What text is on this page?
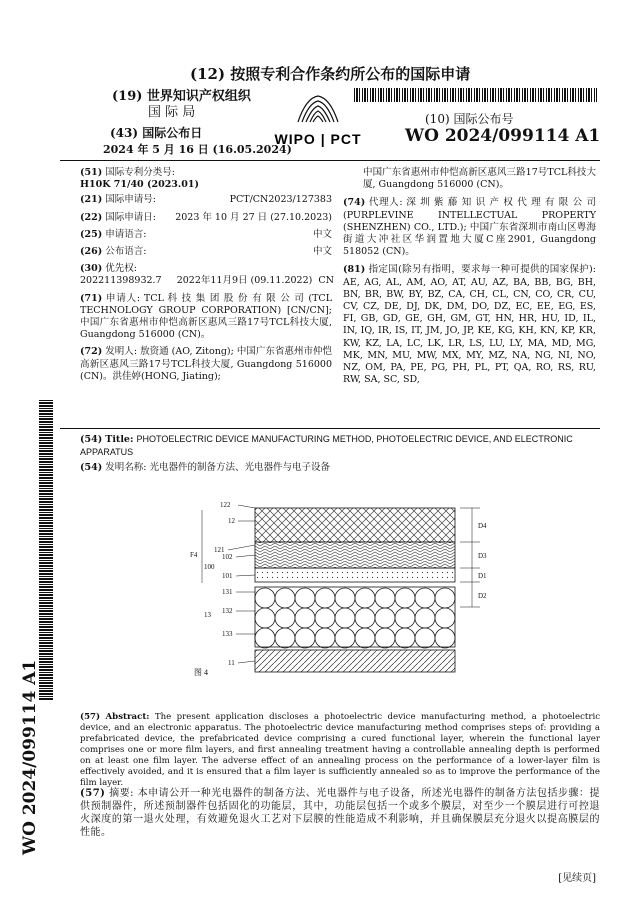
(12) 按照专利合作条约所公布的国际申请
(19) 世界知识产权组织
国 际 局
(43) 国际公布日
2024 年 5 月 16 日 (16.05.2024)
WIPO | PCT
(10) 国际公布号
WO 2024/099114 A1
(51) 国际专利分类号:
H10K 71/40 (2023.01)
(21) 国际申请号:	PCT/CN2023/127383
(22) 国际申请日: 2023 年 10 月 27 日 (27.10.2023)
(25) 申请语言:	中文
(26) 公布语言:	中文
(30) 优先权:
202211398932.7     2022年11月9日 (09.11.2022)  CN
(71) 申请人: TCL 科 技 集 团 股 份 有 限 公 司 (TCL TECHNOLOGY GROUP CORPORATION) [CN/CN]; 中国广东省惠州市仲恺高新区惠风三路17号TCL科技大厦, Guangdong 516000 (CN)。
(72) 发明人: 敖资通 (AO, Zitong); 中国广东省惠州市仲恺高新区惠风三路17号TCL科技大厦, Guangdong 516000 (CN)。洪佳婷(HONG, Jiating);
中国广东省惠州市仲恺高新区惠风三路17号TCL科技大厦, Guangdong 516000 (CN)。
(74) 代理人: 深 圳 紫 藤 知 识 产 权 代 理 有 限 公 司 (PURPLEVINE INTELLECTUAL PROPERTY (SHENZHEN) CO., LTD.); 中国广东省深圳市南山区粤海街道大冲社区华润置地大厦C座2901, Guangdong 518052 (CN)。
(81) 指定国(除另有指明，要求每一种可提供的国家保护): AE, AG, AL, AM, AO, AT, AU, AZ, BA, BB, BG, BH, BN, BR, BW, BY, BZ, CA, CH, CL, CN, CO, CR, CU, CV, CZ, DE, DJ, DK, DM, DO, DZ, EC, EE, EG, ES, FI, GB, GD, GE, GH, GM, GT, HN, HR, HU, ID, IL, IN, IQ, IR, IS, IT, JM, JO, JP, KE, KG, KH, KN, KP, KR, KW, KZ, LA, LC, LK, LR, LS, LU, LY, MA, MD, MG, MK, MN, MU, MW, MX, MY, MZ, NA, NG, NI, NO, NZ, OM, PA, PE, PG, PH, PL, PT, QA, RO, RS, RU, RW, SA, SC, SD,
(54) Title: PHOTOELECTRIC DEVICE MANUFACTURING METHOD, PHOTOELECTRIC DEVICE, AND ELECTRONIC APPARATUS
(54) 发明名称: 光电器件的制备方法、光电器件与电子设备
122
12
F4
121
102
100
101
131
13 132
133
11
D4
D3
D1
D2
图 4
(57) Abstract: The present application discloses a photoelectric device manufacturing method, a photoelectric device, and an electronic apparatus. The photoelectric device manufacturing method comprises steps of: providing a prefabricated device, the prefabricated device comprising a cured functional layer, wherein the functional layer comprises one or more film layers, and first annealing treatment having a controllable annealing depth is performed on at least one film layer. The adverse effect of an annealing process on the performance of a lower-layer film is effectively avoided, and it is ensured that a film layer is sufficiently annealed so as to improve the performance of the film layer.
(57) 摘要: 本申请公开一种光电器件的制备方法、光电器件与电子设备，所述光电器件的制备方法包括步骤：提供预制器件，所述预制器件包括固化的功能层，其中，功能层包括一个或多个膜层，对至少一个膜层进行可控退火深度的第一退火处理，有效避免退火工艺对下层膜的性能造成不利影响，并且确保膜层充分退火以提高膜层的性能。
WO 2024/099114 A1
[见续页]
